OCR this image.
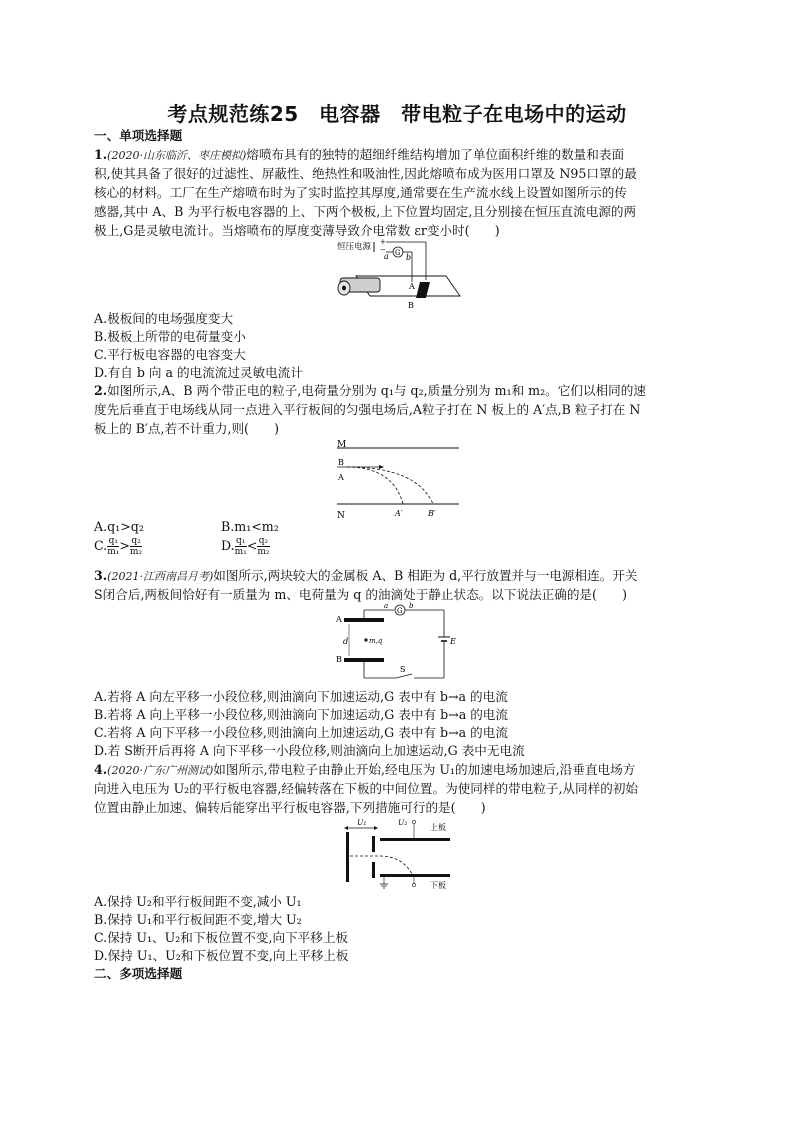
考点规范练25　电容器　带电粒子在电场中的运动
一、单项选择题
1.(2020·山东临沂、枣庄模拟)熔喷布具有的独特的超细纤维结构增加了单位面积纤维的数量和表面
积,使其具备了很好的过滤性、屏蔽性、绝热性和吸油性,因此熔喷布成为医用口罩及 N95口罩的最
核心的材料。工厂在生产熔喷布时为了实时监控其厚度,通常要在生产流水线上设置如图所示的传
感器,其中 A、B 为平行板电容器的上、下两个极板,上下位置均固定,且分别接在恒压直流电源的两
极上,G是灵敏电流计。当熔喷布的厚度变薄导致介电常数 εr变小时(　　)
恒压电源 +
− G
a b
A
B
A.极板间的电场强度变大
B.极板上所带的电荷量变小
C.平行板电容器的电容变大
D.有自 b 向 a 的电流流过灵敏电流计
2.如图所示,A、B 两个带正电的粒子,电荷量分别为 q₁与 q₂,质量分别为 m₁和 m₂。它们以相同的速
度先后垂直于电场线从同一点进入平行板间的匀强电场后,A粒子打在 N 板上的 A′点,B 粒子打在 N
板上的 B′点,若不计重力,则(　　)
M
B
A
N	A′	B′
A.q₁>q₂	B.m₁<m₂
C. $\frac{\text{q₁}}{\text{m₁}} > \frac{\text{q₂}}{\text{m₂}}$	D. $\frac{\text{q₁}}{\text{m₁}} < \frac{\text{q₂}}{\text{m₂}}$
3.(2021·江西南昌月考)如图所示,两块较大的金属板 A、B 相距为 d,平行放置并与一电源相连。开关
S闭合后,两板间恰好有一质量为 m、电荷量为 q 的油滴处于静止状态。以下说法正确的是(　　)
A
B
G
a	b
E
S
d	m,q
A.若将 A 向左平移一小段位移,则油滴向下加速运动,G 表中有 b→a 的电流
B.若将 A 向上平移一小段位移,则油滴向下加速运动,G 表中有 b→a 的电流
C.若将 A 向下平移一小段位移,则油滴向上加速运动,G 表中有 b→a 的电流
D.若 S断开后再将 A 向下平移一小段位移,则油滴向上加速运动,G 表中无电流
4.(2020·广东广州测试)如图所示,带电粒子由静止开始,经电压为 U₁的加速电场加速后,沿垂直电场方
向进入电压为 U₂的平行板电容器,经偏转落在下板的中间位置。为使同样的带电粒子,从同样的初始
位置由静止加速、偏转后能穿出平行板电容器,下列措施可行的是(　　)
U₁	U₂
上板
下板
A.保持 U₂和平行板间距不变,减小 U₁
B.保持 U₁和平行板间距不变,增大 U₂
C.保持 U₁、U₂和下板位置不变,向下平移上板
D.保持 U₁、U₂和下板位置不变,向上平移上板
二、多项选择题
